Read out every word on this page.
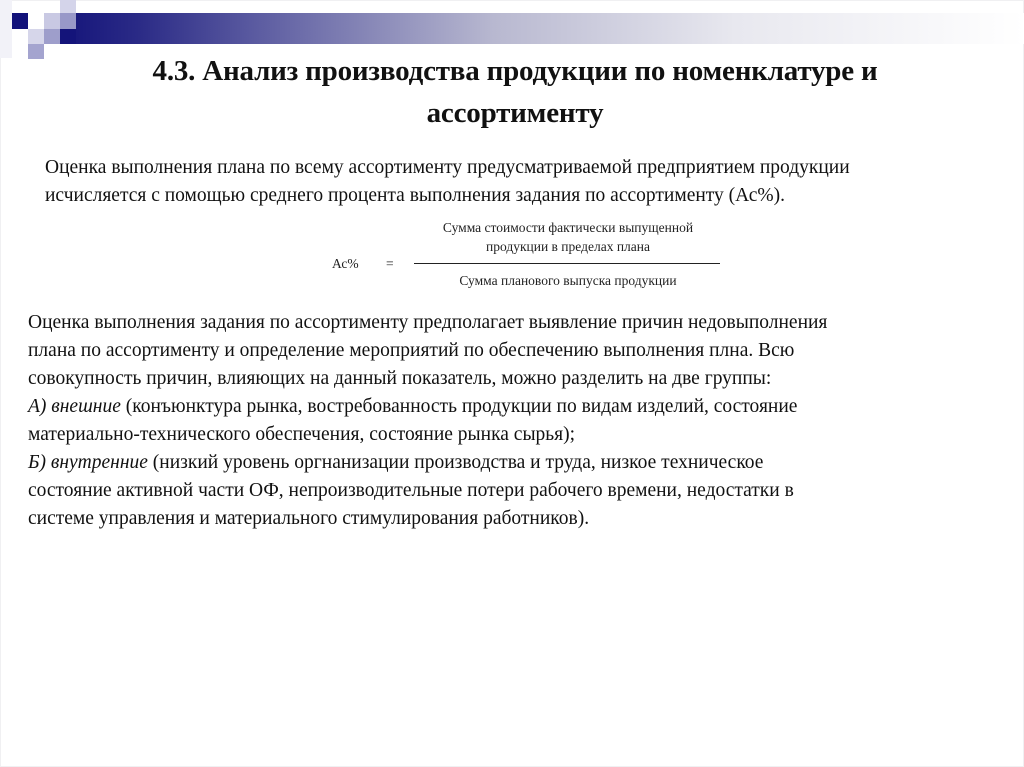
4.3. Анализ производства продукции по номенклатуре и
ассортименту
Оценка выполнения плана по всему ассортименту предусматриваемой предприятием продукции
исчисляется с помощью среднего процента выполнения задания по ассортименту (Ас%).
Ас% =
Сумма стоимости фактически выпущенной
продукции в пределах плана
Сумма планового выпуска продукции
Оценка выполнения задания по ассортименту предполагает выявление причин недовыполнения
плана по ассортименту и определение мероприятий по обеспечению выполнения плна. Всю
совокупность причин, влияющих на данный показатель, можно разделить на две группы:
А) внешние (конъюнктура рынка, востребованность продукции по видам изделий, состояние
материально-технического обеспечения, состояние рынка сырья);
Б) внутренние (низкий уровень оргнанизации производства и труда, низкое техническое
состояние активной части ОФ, непроизводительные потери рабочего времени, недостатки в
системе управления и материального стимулирования работников).
